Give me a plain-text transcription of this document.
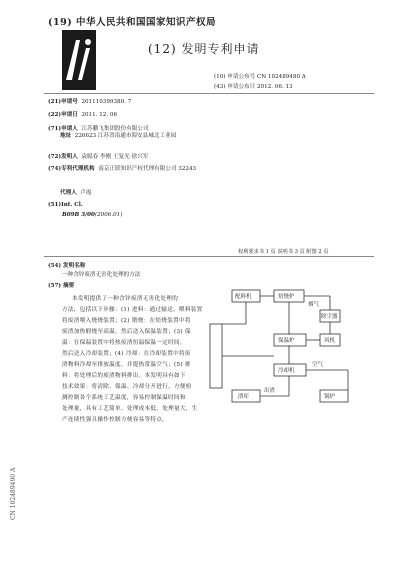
(19) 中华人民共和国国家知识产权局
(12) 发明专利申请
(10) 申请公布号 CN 102489490 A
(43) 申请公布日 2012. 06. 13
(21)申请号 201110399380. 7
(22)申请日 2011. 12. 06
(71)申请人 江苏鹏飞集团股份有限公司
地址 226623 江苏省南通市海安县城北工业园
(72)发明人 袁聪春 李刚 王复光 徐兴军
(74)专利代理机构 南京正联知识产权代理有限公司 32243
代理人 卢霞
(51)Int. Cl.
B09B 3/00(2006.01)
权利要求书 1 页 说明书 3 页 附图 2 页
(54) 发明名称
一种含锌废渣无害化处理的方法
(57) 摘要
本发明提供了一种含锌废渣无害化处理的
方法，包括以下步骤：(1) 进料：通过输送、喂料装置
将废渣喂入烧烧装置；(2) 锻烧：在焙烧装置中将
废渣加热煅烧至高温，然后送入保温装置；(3) 保
温：在保温装置中将热废渣恒温保温一定时间，
然后送入冷却装置；(4) 冷却：在冷却装置中将废
渣物料冷却至排放温度，并提热常温空气；(5) 排
料：将处理后的废渣物料排出。本发明具有如下
技术效果：将清除、保温、冷却分开进行，方便检
测控制各个系统工艺温度，容易控制保温时间和
处理量，具有工艺简单、处理成本低、处理量大，生
产连续性强且操作控制方便容易等特点。
配料机	焙烧炉
除尘器
保温炉	风机
冷却机
渣库	锅炉
烟气
空气
出渣
CN 102489490 A
